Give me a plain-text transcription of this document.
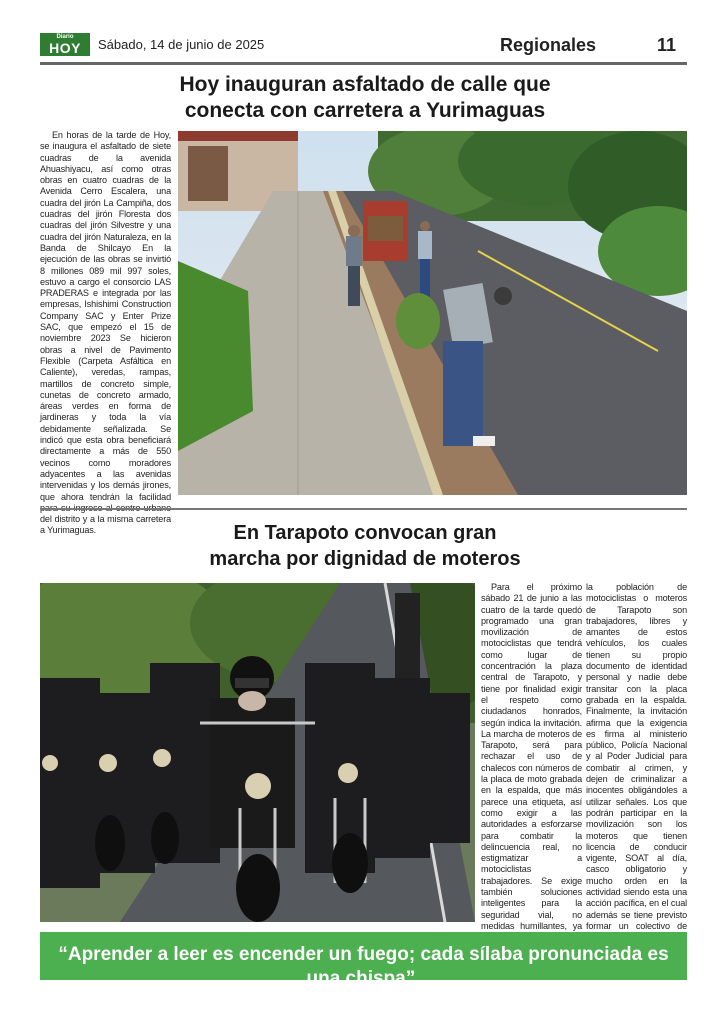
Diario
HOY	Sábado, 14 de junio de 2025	Regionales	11
Hoy inauguran asfaltado de calle que
conecta con carretera a Yurimaguas
En horas de la tarde de Hoy, se inaugura el asfaltado de siete cuadras de la avenida Ahuashiyacu, así como otras obras en cuatro cuadras de la Avenida Cerro Escalera, una cuadra del jirón La Campiña, dos cuadras del jirón Floresta dos cuadras del jirón Silvestre y una cuadra del jirón Naturaleza, en la Banda de Shilcayo En la ejecución de las obras se invirtió 8 millones 089 mil 997 soles, estuvo a cargo el consorcio LAS PRADERAS e integrada por las empresas, Ishishimi Construction Company SAC y Enter Prize SAC, que empezó el 15 de noviembre 2023 Se hicieron obras a nivel de Pavimento Flexible (Carpeta Asfáltica en Caliente), veredas, rampas, martillos de concreto simple, cunetas de concreto armado, áreas verdes en forma de jardineras y toda la vía debidamente señalizada. Se indicó que esta obra beneficiará directamente a más de 550 vecinos como moradores adyacentes a las avenidas intervenidas y los demás jirones, que ahora tendrán la facilidad del distrito y a la misma carretera a Yurimaguas.	En Tarapoto convocan gran
marcha por dignidad de moteros
Para el próximo sábado 21 de junio a las cuatro de la tarde quedó programado una gran movilización de motociclistas que tendrá como lugar de concentración la plaza central de Tarapoto, y tiene por finalidad exigir el respeto como ciudadanos honrados, según indica la invitación. La marcha de moteros de Tarapoto, será para rechazar el uso de chalecos con números de la placa de moto grabada en la espalda, que más parece una etiqueta, así como exigir a las autoridades a esforzarse para combatir la delincuencia real, no estigmatizar a motociclistas trabajadores. Se exige también soluciones inteligentes para la seguridad vial, no medidas humillantes, ya
la población de motociclistas o moteros de Tarapoto son trabajadores, libres y amantes de estos vehículos, los cuales tienen su propio documento de identidad personal y nadie debe transitar con la placa grabada en la espalda. Finalmente, la invitación afirma que la exigencia es firma al ministerio público, Policía Nacional y al Poder Judicial para combatir al crimen, y dejen de criminalizar a inocentes obligándoles a utilizar señales. Los que podrán participar en la movilización son los moteros que tienen licencia de conducir vigente, SOAT al día, casco obligatorio y mucho orden en la actividad siendo esta una acción pacífica, en el cual además se tiene previsto formar un colectivo de
“Aprender a leer es encender un fuego; cada sílaba pronunciada es una chispa”.
